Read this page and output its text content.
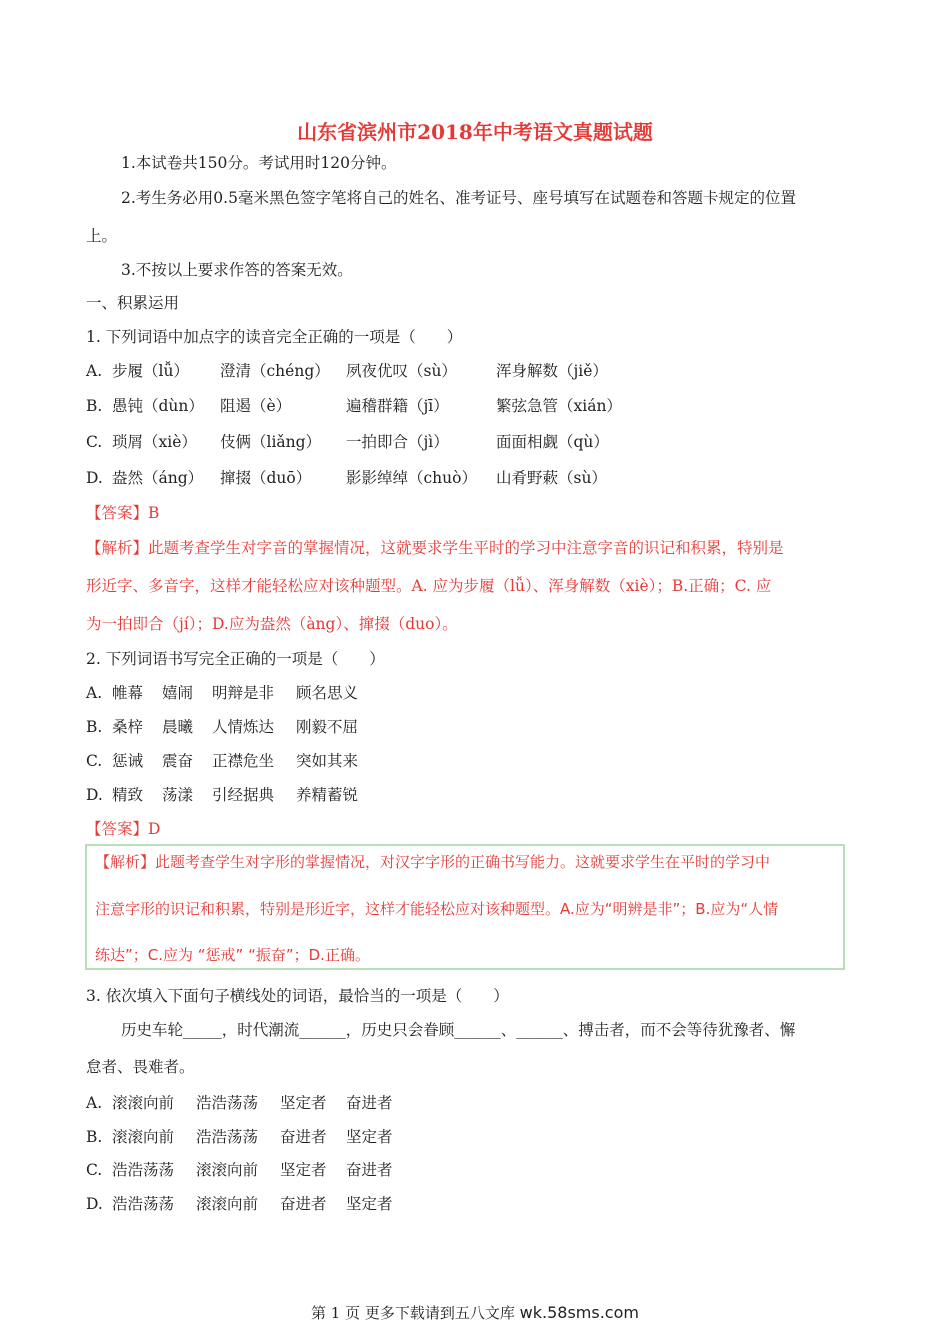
山东省滨州市2018年中考语文真题试题
1.本试卷共150分。考试用时120分钟。
2.考生务必用0.5毫米黑色签字笔将自己的姓名、准考证号、座号填写在试题卷和答题卡规定的位置
上。
3.不按以上要求作答的答案无效。
一、积累运用
1. 下列词语中加点字的读音完全正确的一项是（　　）
A. 步履（lǚ） 澄清（chéng） 夙夜优叹（sù）	浑身解数（jiě）
B. 愚钝（dùn） 阻遏（è）	遍稽群籍（jī）	繁弦急管（xián）
C. 琐屑（xiè） 伎俩（liǎng） 一拍即合（jì）	面面相觑（qù）
D. 盎然（áng） 撺掇（duō） 影影绰绰（chuò） 山肴野蔌（sù）
【答案】B
【解析】此题考查学生对字音的掌握情况，这就要求学生平时的学习中注意字音的识记和积累，特别是
形近字、多音字，这样才能轻松应对该种题型。A. 应为步履（lǚ）、浑身解数（xiè）；B.正确；C. 应
为一拍即合（jí）；D.应为盎然（àng）、撺掇（duo）。
2. 下列词语书写完全正确的一项是（　　）
A. 帷幕 嬉闹 明辩是非 顾名思义
B. 桑梓 晨曦 人情炼达 刚毅不屈
C. 惩诫 震奋 正襟危坐 突如其来
D. 精致 荡漾 引经据典 养精蓄锐
【答案】D
【解析】此题考查学生对字形的掌握情况，对汉字字形的正确书写能力。这就要求学生在平时的学习中
注意字形的识记和积累，特别是形近字，这样才能轻松应对该种题型。A.应为“明辨是非”；B.应为“人情
练达”；C.应为 “惩戒” “振奋”；D.正确。
3. 依次填入下面句子横线处的词语，最恰当的一项是（　　）
历史车轮_____，时代潮流______，历史只会眷顾______、______、搏击者，而不会等待犹豫者、懈
怠者、畏难者。
A. 滚滚向前 浩浩荡荡 坚定者 奋进者
B. 滚滚向前 浩浩荡荡 奋进者 坚定者
C. 浩浩荡荡 滚滚向前 坚定者 奋进者
D. 浩浩荡荡 滚滚向前 奋进者 坚定者
第 1 页 更多下载请到五八文库 wk.58sms.com
